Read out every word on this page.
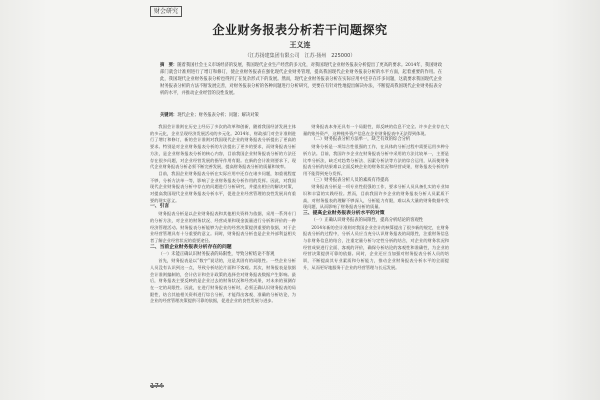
财会研究
企业财务报表分析若干问题探究
王义连
（江苏扬建集团有限公司　江苏·扬州　225000）
摘　要：随着我国社会主义市场经济的发展，我国现代企业生产经营的多元化，对我国现代企业财务报表分析提出了更高的要求。2014年，我国财政部门就会计准则进行了增订和修订，使企业财务报表在强化现代企业财务管理，提高我国现代企业财务报表分析的水平方面，起着重要的作用。在此，我国现代企业财务报表分析也得到了在复杂形式下的发展。然而，现代企业财务报表分析在实际应用中还存在许多问题，这就要求我国现代企业财务报表分析的方法不断发展完善，对财务报表分析的各种问题进行分析研究，更要在有针对性地提出解决办法，不断提高我国现代企业财务报表分析的水平，并推动企业经营的良性发展。
关键词：现代企业；财务报表分析；问题；解决对策

我国会计准则在历史上经历了多次的改革和创新，随着我国经济发展主体的多元化，企业呈现经济发展活动的多元化。2014年，财政部门对会计准则进行了增订和修订，新的会计准则对我国现代企业的财务报表分析提出了更高的要求。特别是对企业财务报表分析的方法提出了更多的要求，而财务报表分析方法，是企业财务报表分析的核心内容，目前我国企业财务报表分析的方法还存在很多问题，对企业经营发展的指导作用有限。在新的会计准则要求下，现代企业财务报表分析必须不断完善发展，提高财务报表分析的质量和效率。

目前，我国企业财务报表分析在实际应用中还存在诸多问题，如重视程度不够，分析方法单一等，影响了企业财务报表分析作用的发挥。因此，对我国现代企业财务报表分析中存在的问题进行分析研究，并提出相应的解决对策，对提高我国现代企业财务报表分析水平，促进企业经营管理的良性发展具有重要的现实意义。

一、引言

财务报表分析是以企业财务报表和其他相关资料为依据，采用一系列专门的分析方法，对企业的财务状况、经营成果和现金流量进行分析和评价的一种经济管理活动。财务报表分析能够为企业的经营决策提供重要的依据，对于企业经营管理具有十分重要的意义。同时，财务报表分析也是企业外部利益相关者了解企业经营状况的重要途径。

二、当前企业财务报表分析存在的问题
（一）未能正确认识财务报表的局限性，导致分析结论不客观

首先，财务报表是以“数字”说话的，这是其固有的局限性。一些企业分析人员没有认识到这一点，导致分析结论片面和不客观。其次，财务报表是依据会计准则编制的，会计估计和会计政策的选择会对财务报表数据产生影响。最后，财务报表主要反映的是企业过去的财务状况和经营成果，对未来的预测存在一定的局限性。因此，在进行财务报表分析时，必须正确认识财务报表的局限性，结合其他相关资料进行综合分析，才能得出客观、准确的分析结论，为企业的经营管理决策提供可靠的依据，促进企业的良性发展与进步。

财务报表本身还具有一个局限性，即反映的信息不完全。许多企业存在大量的账外资产，这种账外资产信息在企业财务报表中无法得到体现。

（二）财务报表分析方法单一，缺乏有效的综合分析

财务分析是一项综合性很强的工作，在具体的分析过程中需要运用多种分析方法。目前，我国许多企业在财务报表分析中采用的方法比较单一，主要是比率分析法，缺乏对趋势分析法、因素分析法等方法的综合运用，从而使财务报表分析的结果难以全面反映企业的财务状况和经营成果，财务报表分析的作用不能得到充分发挥。

（三）财务报表分析人员的素质有待提高

财务报表分析是一项专业性很强的工作，要求分析人员具备扎实的专业知识和丰富的实践经验。然而，目前我国许多企业的财务报表分析人员素质不高，对财务报表的理解不够深入，分析能力有限，难以从大量的财务数据中发现问题，从而影响了财务报表分析的质量。

三、提高企业财务报表分析水平的对策
（一）正确认识财务报表的局限性，提高分析结论的客观性

2014年新的会计准则对我国企业会计的核算提出了很多新的规定，在财务报表分析的过程中，分析人员应当充分认识财务报表的局限性，注重财务信息与非财务信息的结合，注重定量分析与定性分析的结合，对企业的财务状况和经营成果进行全面、客观的评价，确保分析结论的客观性和准确性，为企业的经营决策提供可靠的依据。同时，企业还应当加强对财务报表分析人员的培训，不断提高其专业素质和分析能力，推动企业财务报表分析水平的全面提升，从而更好地服务于企业的经营管理与长远发展。
